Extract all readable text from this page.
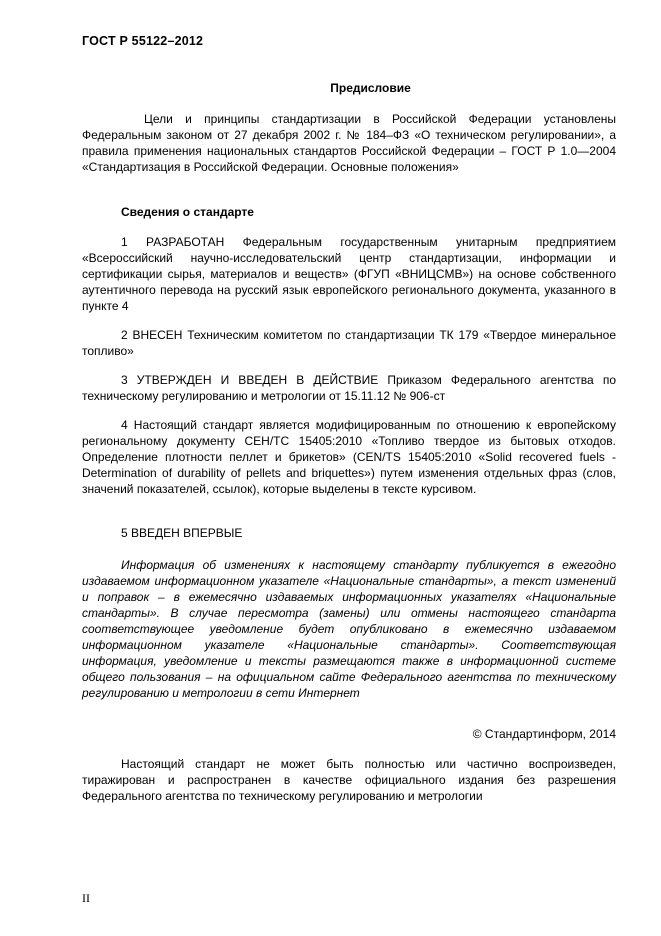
ГОСТ Р 55122–2012
Предисловие
Цели и принципы стандартизации в Российской Федерации установлены Федеральным законом от 27 декабря 2002 г. № 184–ФЗ «О техническом регулировании», а правила применения национальных стандартов Российской Федерации – ГОСТ Р 1.0—2004 «Стандартизация в Российской Федерации. Основные положения»
Сведения о стандарте
1 РАЗРАБОТАН Федеральным государственным унитарным предприятием «Всероссийский научно-исследовательский центр стандартизации, информации и сертификации сырья, материалов и веществ» (ФГУП «ВНИЦСМВ») на основе собственного аутентичного перевода на русский язык европейского регионального документа, указанного в пункте 4
2 ВНЕСЕН Техническим комитетом по стандартизации ТК 179 «Твердое минеральное топливо»
3 УТВЕРЖДЕН И ВВЕДЕН В ДЕЙСТВИЕ Приказом Федерального агентства по техническому регулированию и метрологии от 15.11.12 № 906-ст
4 Настоящий стандарт является модифицированным по отношению к европейскому региональному документу СЕН/ТС 15405:2010 «Топливо твердое из бытовых отходов. Определение плотности пеллет и брикетов» (CEN/TS 15405:2010 «Solid recovered fuels - Determination of durability of pellets and briquettes») путем изменения отдельных фраз (слов, значений показателей, ссылок), которые выделены в тексте курсивом.
5 ВВЕДЕН ВПЕРВЫЕ
Информация об изменениях к настоящему стандарту публикуется в ежегодно издаваемом информационном указателе «Национальные стандарты», а текст изменений и поправок – в ежемесячно издаваемых информационных указателях «Национальные стандарты». В случае пересмотра (замены) или отмены настоящего стандарта соответствующее уведомление будет опубликовано в ежемесячно издаваемом информационном указателе «Национальные стандарты». Соответствующая информация, уведомление и тексты размещаются также в информационной системе общего пользования – на официальном сайте Федерального агентства по техническому регулированию и метрологии в сети Интернет
© Стандартинформ, 2014
Настоящий стандарт не может быть полностью или частично воспроизведен, тиражирован и распространен в качестве официального издания без разрешения Федерального агентства по техническому регулированию и метрологии
II
